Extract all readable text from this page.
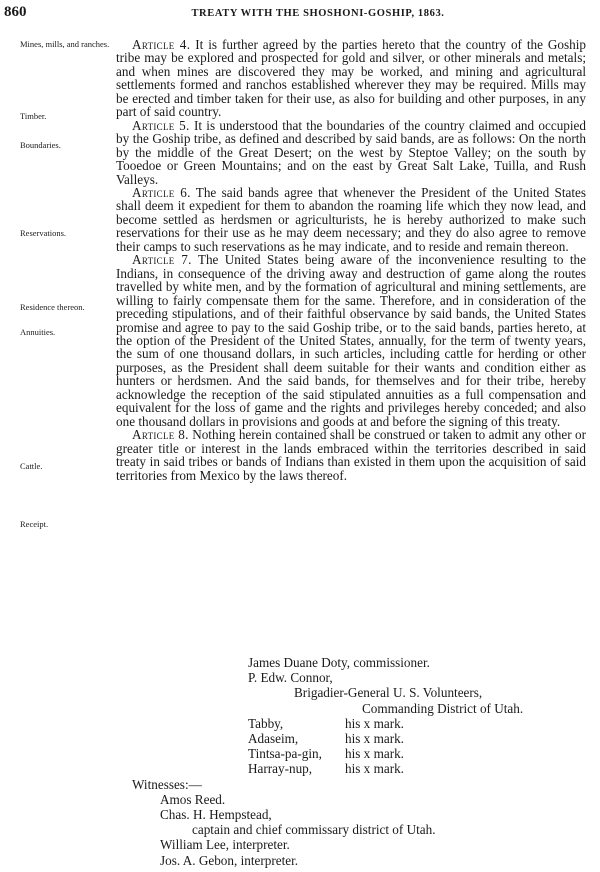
860	TREATY WITH THE SHOSHONI-GOSHIP, 1863.
Mines, mills, and ranches.
Timber.
Boundaries.
Reservations.
Residence thereon.
Annuities.
Cattle.
Receipt.

Article 4. It is further agreed by the parties hereto that the country of the Goship tribe may be explored and prospected for gold and silver, or other minerals and metals; and when mines are discovered they may be worked, and mining and agricultural settlements formed and ranchos established wherever they may be required. Mills may be erected and timber taken for their use, as also for building and other purposes, in any part of said country.

Article 5. It is understood that the boundaries of the country claimed and occupied by the Goship tribe, as defined and described by said bands, are as follows: On the north by the middle of the Great Desert; on the west by Steptoe Valley; on the south by Tooedoe or Green Mountains; and on the east by Great Salt Lake, Tuilla, and Rush Valleys.

Article 6. The said bands agree that whenever the President of the United States shall deem it expedient for them to abandon the roaming life which they now lead, and become settled as herdsmen or agriculturists, he is hereby authorized to make such reservations for their use as he may deem necessary; and they do also agree to remove their camps to such reservations as he may indicate, and to reside and remain thereon.

Article 7. The United States being aware of the inconvenience resulting to the Indians, in consequence of the driving away and destruction of game along the routes travelled by white men, and by the formation of agricultural and mining settlements, are willing to fairly compensate them for the same. Therefore, and in consideration of the preceding stipulations, and of their faithful observance by said bands, the United States promise and agree to pay to the said Goship tribe, or to the said bands, parties hereto, at the option of the President of the United States, annually, for the term of twenty years, the sum of one thousand dollars, in such articles, including cattle for herding or other purposes, as the President shall deem suitable for their wants and condition either as hunters or herdsmen. And the said bands, for themselves and for their tribe, hereby acknowledge the reception of the said stipulated annuities as a full compensation and equivalent for the loss of game and the rights and privileges hereby conceded; and also one thousand dollars in provisions and goods at and before the signing of this treaty.

Article 8. Nothing herein contained shall be construed or taken to admit any other or greater title or interest in the lands embraced within the territories described in said treaty in said tribes or bands of Indians than existed in them upon the acquisition of said territories from Mexico by the laws thereof.

James Duane Doty, commissioner.
P. Edw. Connor,
Brigadier-General U. S. Volunteers,
Commanding District of Utah.
Tabby,	his x mark.
Adaseim,	his x mark.
Tintsa-pa-gin,	his x mark.
Harray-nup,	his x mark.
Witnesses:—
Amos Reed.
Chas. H. Hempstead,
captain and chief commissary district of Utah.
William Lee, interpreter.
Jos. A. Gebon, interpreter.
